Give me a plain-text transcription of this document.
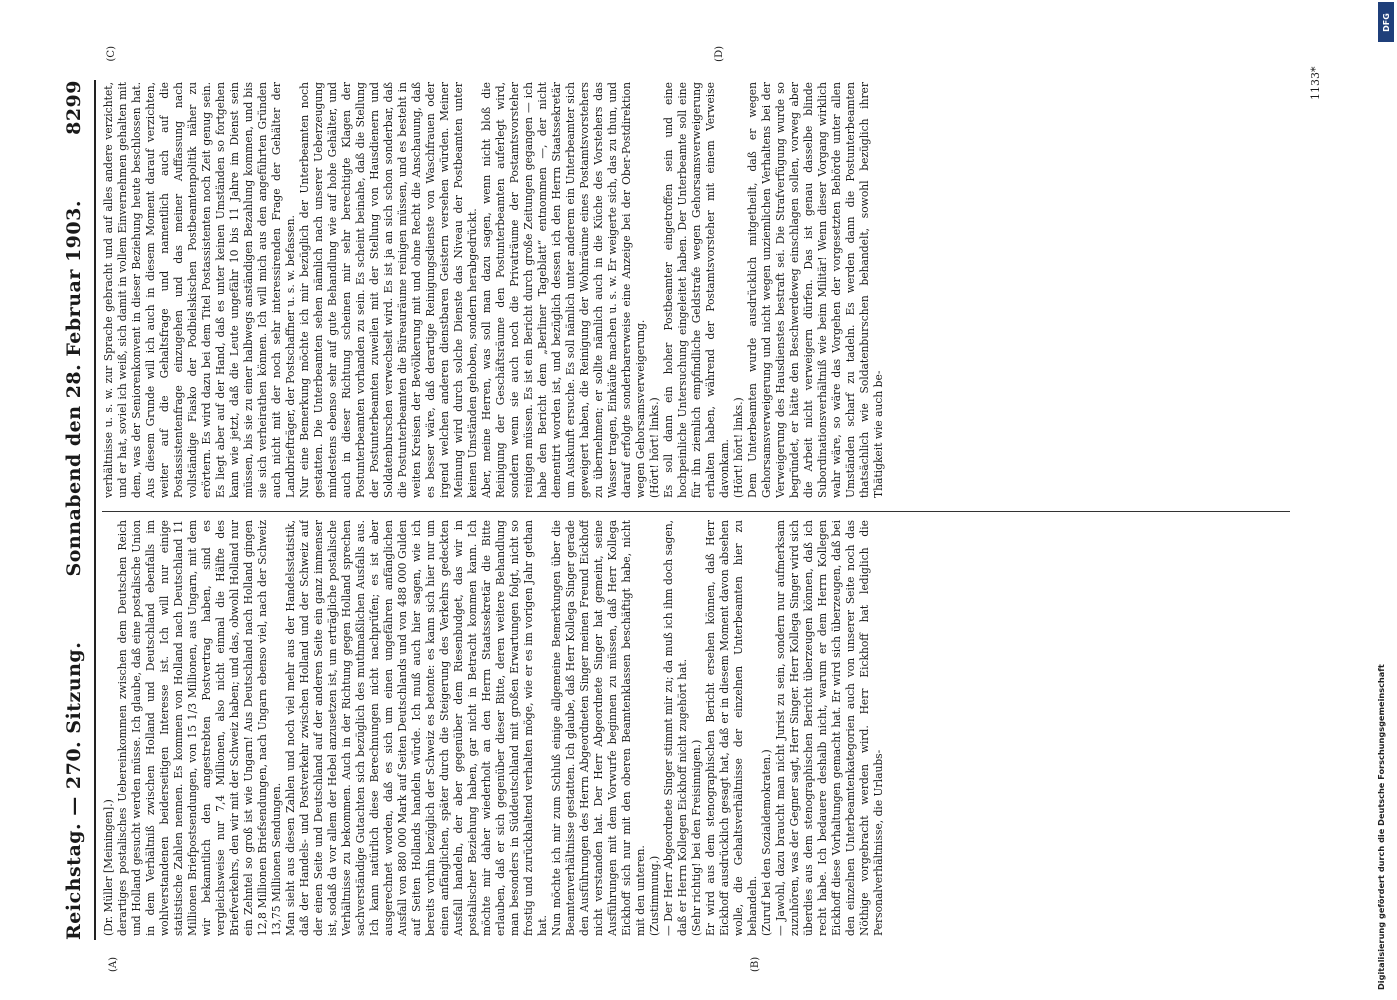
Reichstag. — 270. Sitzung.
Sonnabend den 28. Februar 1903.
8299
(A)	(B)
(C)	(D)
(Dr. Müller [Meiningen].)
derartiges postalisches Uebereinkommen zwischen dem Deutschen Reich und Holland gesucht werden müsse. Ich glaube, daß eine postalische Union in dem Verhältniß zwischen Holland und Deutschland ebenfalls im wohlverstandenen beiderseitigen Interesse ist. Ich will nur einige statistische Zahlen nennen. Es kommen von Holland nach Deutschland 11 Millionen Briefpostsendungen, von 15 1/3 Millionen, aus Ungarn, mit dem wir bekanntlich den angestrebten Postvertrag haben, sind es vergleichsweise nur 7,4 Millionen, also nicht einmal die Hälfte des Briefverkehrs, den wir mit der Schweiz haben; und das, obwohl Holland nur ein Zehntel so groß ist wie Ungarn! Aus Deutschland nach Holland gingen 12,8 Millionen Briefsendungen, nach Ungarn ebenso viel, nach der Schweiz 13,75 Millionen Sendungen.
Man sieht aus diesen Zahlen und noch viel mehr aus der Handelsstatistik, daß der Handels- und Postverkehr zwischen Holland und der Schweiz auf der einen Seite und Deutschland auf der anderen Seite ein ganz immenser ist, sodaß da vor allem der Hebel anzusetzen ist, um erträgliche postalische Verhältnisse zu bekommen. Auch in der Richtung gegen Holland sprechen sachverständige Gutachten sich bezüglich des muthmaßlichen Ausfalls aus. Ich kann natürlich diese Berechnungen nicht nachprüfen; es ist aber ausgerechnet worden, daß es sich um einen ungefähren anfänglichen Ausfall von 880 000 Mark auf Seiten Deutschlands und von 488 000 Gulden auf Seiten Hollands handeln würde. Ich muß auch hier sagen, wie ich bereits vorhin bezüglich der Schweiz es betonte: es kann sich hier nur um einen anfänglichen, später durch die Steigerung des Verkehrs gedeckten Ausfall handeln, der aber gegenüber dem Riesenbudget, das wir in postalischer Beziehung haben, gar nicht in Betracht kommen kann. Ich möchte mir daher wiederholt an den Herrn Staatssekretär die Bitte erlauben, daß er sich gegenüber dieser Bitte, deren weitere Behandlung man besonders in Süddeutschland mit großen Erwartungen folgt, nicht so frostig und zurückhaltend verhalten möge, wie er es im vorigen Jahr gethan hat.
Nun möchte ich mir zum Schluß einige allgemeine Bemerkungen über die Beamtenverhältnisse gestatten. Ich glaube, daß Herr Kollega Singer gerade den Ausführungen des Herrn Abgeordneten Singer meinen Freund Eickhoff nicht verstanden hat. Der Herr Abgeordnete Singer hat gemeint, seine Ausführungen mit dem Vorwurfe beginnen zu müssen, daß Herr Kollega Eickhoff sich nur mit den oberen Beamtenklassen beschäftigt habe, nicht mit den unteren.
(Zustimmung.)
— Der Herr Abgeordnete Singer stimmt mir zu; da muß ich ihm doch sagen, daß er Herrn Kollegen Eickhoff nicht zugehört hat.
(Sehr richtig! bei den Freisinnigen.)
Er wird aus dem stenographischen Bericht ersehen können, daß Herr Eickhoff ausdrücklich gesagt hat, daß er in diesem Moment davon absehen wolle, die Gehaltsverhältnisse der einzelnen Unterbeamten hier zu behandeln.
(Zuruf bei den Sozialdemokraten.)
— Jawohl, dazu braucht man nicht Jurist zu sein, sondern nur aufmerksam zuzuhören, was der Gegner sagt, Herr Singer. Herr Kollega Singer wird sich überdies aus dem stenographischen Bericht überzeugen können, daß ich recht habe. Ich bedauere deshalb nicht, warum er dem Herrn Kollegen Eickhoff diese Vorhaltungen gemacht hat. Er wird sich überzeugen, daß bei den einzelnen Unterbeamtenkategorien auch von unserer Seite noch das Nöthige vorgebracht werden wird. Herr Eickhoff hat lediglich die Personalverhältnisse, die Urlaubs-
verhältnisse u. s. w. zur Sprache gebracht und auf alles andere verzichtet, und er hat, soviel ich weiß, sich damit in vollem Einvernehmen gehalten mit dem, was der Seniorenkonvent in dieser Beziehung heute beschlossen hat. Aus diesem Grunde will ich auch in diesem Moment darauf verzichten, weiter auf die Gehaltsfrage und namentlich auch auf die Postassistentenfrage einzugehen und das meiner Auffassung nach vollständige Fiasko der Podbielskischen Postbeamtenpolitik näher zu erörtern. Es wird dazu bei dem Titel Postassistenten noch Zeit genug sein. Es liegt aber auf der Hand, daß es unter keinen Umständen so fortgehen kann wie jetzt, daß die Leute ungefähr 10 bis 11 Jahre im Dienst sein müssen, bis sie zu einer halbwegs anständigen Bezahlung kommen, und bis sie sich verheirathen können. Ich will mich aus den angeführten Gründen auch nicht mit der noch sehr interessirenden Frage der Gehälter der Landbriefträger, der Postschaffner u. s. w. befassen.
Nur eine Bemerkung möchte ich mir bezüglich der Unterbeamten noch gestatten. Die Unterbeamten sehen nämlich nach unserer Ueberzeugung mindestens ebenso sehr auf gute Behandlung wie auf hohe Gehälter, und auch in dieser Richtung scheinen mir sehr berechtigte Klagen der Postunterbeamten vorhanden zu sein. Es scheint beinahe, daß die Stellung der Postunterbeamten zuweilen mit der Stellung von Hausdienern und Soldatenburschen verwechselt wird. Es ist ja an sich schon sonderbar, daß die Postunterbeamten die Büreauräume reinigen müssen, und es besteht in weiten Kreisen der Bevölkerung mit und ohne Recht die Anschauung, daß es besser wäre, daß derartige Reinigungsdienste von Waschfrauen oder irgend welchen anderen dienstbaren Geistern versehen würden. Meiner Meinung wird durch solche Dienste das Niveau der Postbeamten unter keinen Umständen gehoben, sondern herabgedrückt.
Aber, meine Herren, was soll man dazu sagen, wenn nicht bloß die Reinigung der Geschäftsräume den Postunterbeamten auferlegt wird, sondern wenn sie auch noch die Privaträume der Postamtsvorsteher reinigen müssen. Es ist ein Bericht durch große Zeitungen gegangen — ich habe den Bericht dem „Berliner Tageblatt“ entnommen —, der nicht dementirt worden ist, und bezüglich dessen ich den Herrn Staatssekretär um Auskunft ersuche. Es soll nämlich unter anderem ein Unterbeamter sich geweigert haben, die Reinigung der Wohnräume eines Postamtsvorstehers zu übernehmen; er sollte nämlich auch in die Küche des Vorstehers das Wasser tragen, Einkäufe machen u. s. w. Er weigerte sich, das zu thun, und darauf erfolgte sonderbarerweise eine Anzeige bei der Ober-Postdirektion wegen Gehorsamsverweigerung.
(Hört! hört! links.)
Es soll dann ein hoher Postbeamter eingetroffen sein und eine hochpeinliche Untersuchung eingeleitet haben. Der Unterbeamte soll eine für ihn ziemlich empfindliche Geldstrafe wegen Gehorsamsverweigerung erhalten haben, während der Postamtsvorsteher mit einem Verweise davonkam.
(Hört! hört! links.)
Dem Unterbeamten wurde ausdrücklich mitgetheilt, daß er wegen Gehorsamsverweigerung und nicht wegen unziemlichen Verhaltens bei der Verweigerung des Hausdienstes bestraft sei. Die Strafverfügung wurde so begründet, er hätte den Beschwerdeweg einschlagen sollen, vorweg aber die Arbeit nicht verweigern dürfen. Das ist genau dasselbe blinde Subordinationsverhältniß wie beim Militär! Wenn dieser Vorgang wirklich wahr wäre, so wäre das Vorgehen der vorgesetzten Behörde unter allen Umständen scharf zu tadeln. Es werden dann die Postunterbeamten thatsächlich wie Soldatenburschen behandelt, sowohl bezüglich ihrer Thätigkeit wie auch be-
1133*
Digitalisierung gefördert durch die Deutsche Forschungsgemeinschaft
DFG
